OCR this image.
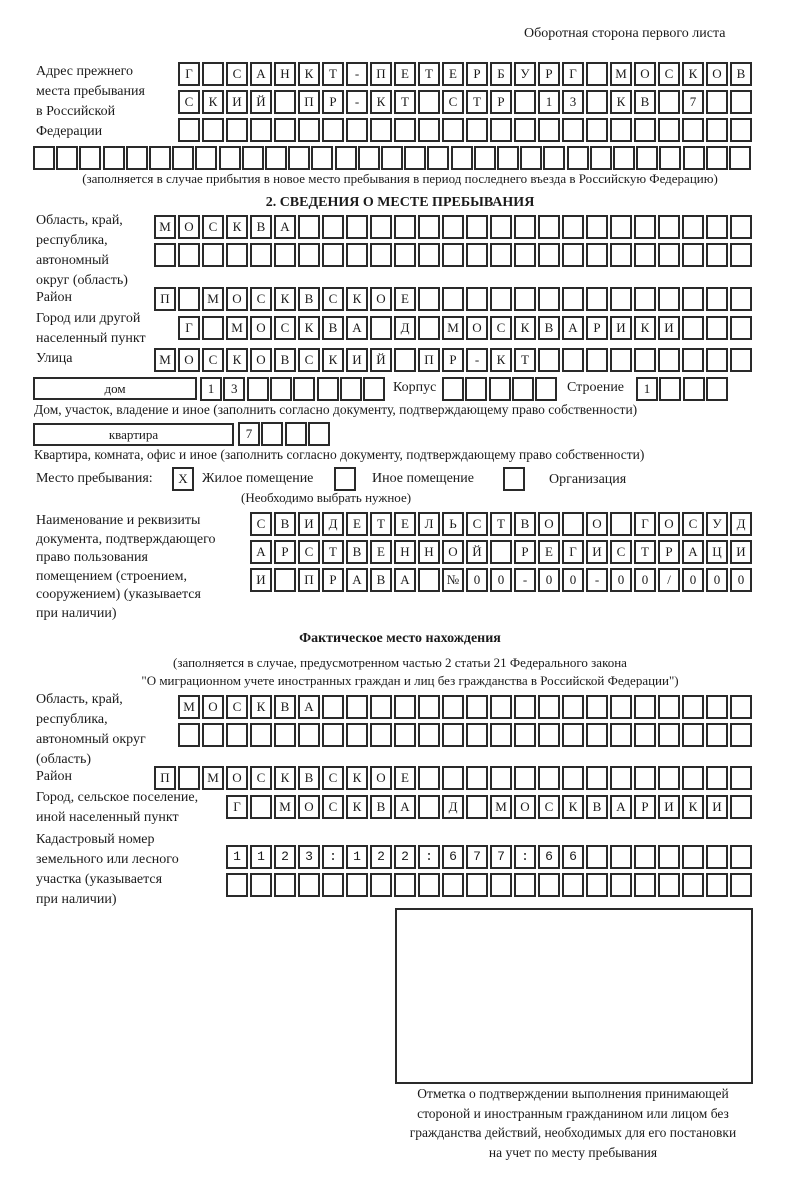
Оборотная сторона первого листа
Адрес прежнего
места пребывания
в Российской
Федерации
Г	С	А	Н	К	Т	-	П	Е	Т	Е	Р	Б	У	Р	Г	М	О	С	К	О	В
С	К	И	Й	П	Р	-	К	Т	С	Т	Р	1	3	К	В	7
(заполняется в случае прибытия в новое место пребывания в период последнего въезда в Российскую Федерацию)
2. СВЕДЕНИЯ О МЕСТЕ ПРЕБЫВАНИЯ
Область, край,
республика,
автономный
округ (область)
М	О	С	К	В	А
Район	П	М	О	С	К	В	С	К	О	Е
Город или другой
населенный пункт
Г	М	О	С	К	В	А	Д	М	О	С	К	В	А	Р	И	К	И
Улица	М	О	С	К	О	В	С	К	И	Й	П	Р	-	К	Т
дом	1	3	Корпус	Строение	1
Дом, участок, владение и иное (заполнить согласно документу, подтверждающему право собственности)
квартира	7
Квартира, комната, офис и иное (заполнить согласно документу, подтверждающему право собственности)
Место пребывания:	X	Жилое помещение	Иное помещение	Организация
(Необходимо выбрать нужное)
Наименование и реквизиты
документа, подтверждающего
право пользования
помещением (строением,
сооружением) (указывается
при наличии)
С	В	И	Д	Е	Т	Е	Л	Ь	С	Т	В	О	О	Г	О	С	У	Д
А	Р	С	Т	В	Е	Н	Н	О	Й	Р	Е	Г	И	С	Т	Р	А	Ц	И
И	П	Р	А	В	А	№	0	0	-	0	0	-	0	0	/	0	0	0
Фактическое место нахождения
(заполняется в случае, предусмотренном частью 2 статьи 21 Федерального закона
"О миграционном учете иностранных граждан и лиц без гражданства в Российской Федерации")
Область, край,
республика,
автономный округ
(область)
М	О	С	К	В	А
Район	П	М	О	С	К	В	С	К	О	Е
Город, сельское поселение,
иной населенный пункт
Г	М	О	С	К	В	А	Д	М	О	С	К	В	А	Р	И	К	И
Кадастровый номер
земельного или лесного
участка (указывается
при наличии)
1123:122:677:66
Отметка о подтверждении выполнения принимающей
стороной и иностранным гражданином или лицом без
гражданства действий, необходимых для его постановки
на учет по месту пребывания
